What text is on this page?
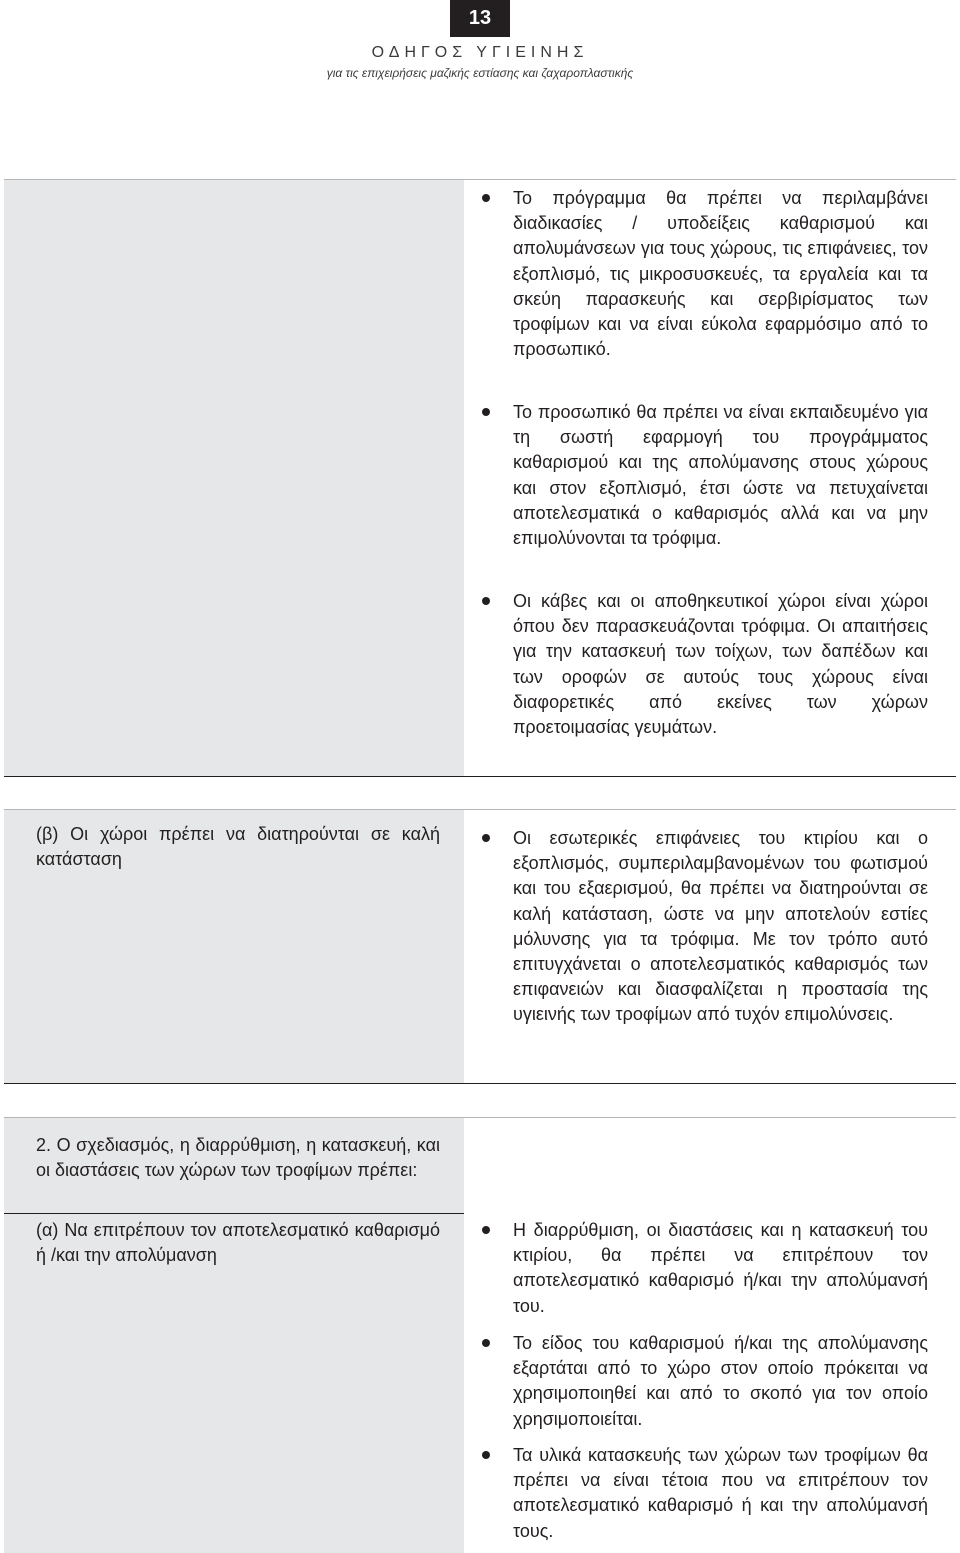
13
ΟΔΗΓΟΣ ΥΓΙΕΙΝΗΣ
για τις επιχειρήσεις μαζικής εστίασης και ζαχαροπλαστικής
Το πρόγραμμα θα πρέπει να περιλαμβάνει διαδικασίες / υποδείξεις καθαρισμού και απολυμάνσεων για τους χώρους, τις επιφάνειες, τον εξοπλισμό, τις μικροσυσκευές, τα εργαλεία και τα σκεύη παρασκευής και σερβιρίσματος των τροφίμων και να είναι εύκολα εφαρμόσιμο από το προσωπικό.
Το προσωπικό θα πρέπει να είναι εκπαιδευμένο για τη σωστή εφαρμογή του προγράμματος καθαρισμού και της απολύμανσης στους χώρους και στον εξοπλισμό, έτσι ώστε να πετυχαίνεται αποτελεσματικά ο καθαρισμός αλλά και να μην επιμολύνονται τα τρόφιμα.
Οι κάβες και οι αποθηκευτικοί χώροι είναι χώροι όπου δεν παρασκευάζονται τρόφιμα. Οι απαιτήσεις για την κατασκευή των τοίχων, των δαπέδων και των οροφών σε αυτούς τους χώρους είναι διαφορετικές από εκείνες των χώρων προετοιμασίας γευμάτων.
(β) Οι χώροι πρέπει να διατηρούνται σε καλή κατάσταση
Οι εσωτερικές επιφάνειες του κτιρίου και ο εξοπλισμός, συμπεριλαμβανομένων του φωτισμού και του εξαερισμού, θα πρέπει να διατηρούνται σε καλή κατάσταση, ώστε να μην αποτελούν εστίες μόλυνσης για τα τρόφιμα. Με τον τρόπο αυτό επιτυγχάνεται ο αποτελεσματικός καθαρισμός των επιφανειών και διασφαλίζεται η προστασία της υγιεινής των τροφίμων από τυχόν επιμολύνσεις.
2. Ο σχεδιασμός, η διαρρύθμιση, η κατασκευή, και οι διαστάσεις των χώρων των τροφίμων πρέπει:
(α) Να επιτρέπουν τον αποτελεσματικό καθαρισμό ή /και την απολύμανση
Η διαρρύθμιση, οι διαστάσεις και η κατασκευή του κτιρίου, θα πρέπει να επιτρέπουν τον αποτελεσματικό καθαρισμό ή/και την απολύμανσή του.
Το είδος του καθαρισμού ή/και της απολύμανσης εξαρτάται από το χώρο στον οποίο πρόκειται να χρησιμοποιηθεί και από το σκοπό για τον οποίο χρησιμοποιείται.
Τα υλικά κατασκευής των χώρων των τροφίμων θα πρέπει να είναι τέτοια που να επιτρέπουν τον αποτελεσματικό καθαρισμό ή και την απολύμανσή τους.
